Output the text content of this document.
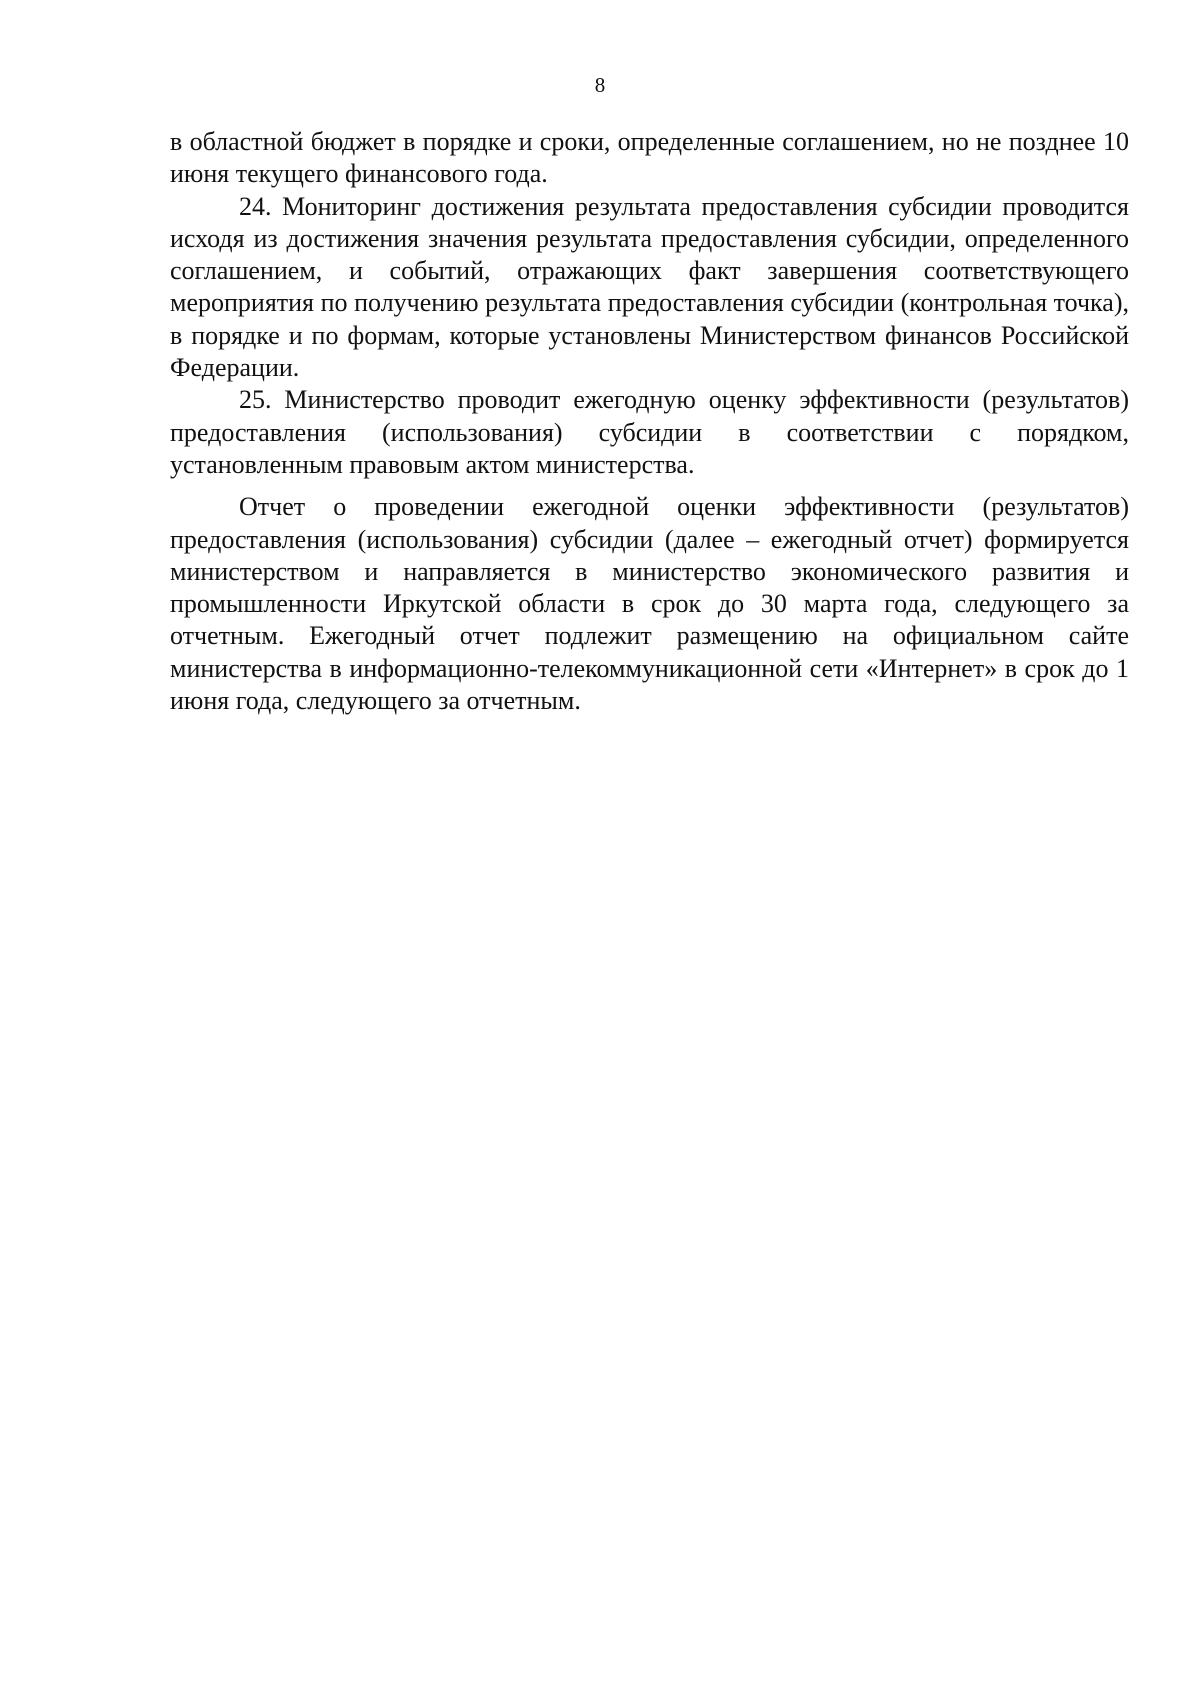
8

в областной бюджет в порядке и сроки, определенные соглашением, но не позднее 10 июня текущего финансового года.

24. Мониторинг достижения результата предоставления субсидии проводится исходя из достижения значения результата предоставления субсидии, определенного соглашением, и событий, отражающих факт завершения соответствующего мероприятия по получению результата предоставления субсидии (контрольная точка), в порядке и по формам, которые установлены Министерством финансов Российской Федерации.

25. Министерство проводит ежегодную оценку эффективности (результатов) предоставления (использования) субсидии в соответствии с порядком, установленным правовым актом министерства.

Отчет о проведении ежегодной оценки эффективности (результатов) предоставления (использования) субсидии (далее – ежегодный отчет) формируется министерством и направляется в министерство экономического развития и промышленности Иркутской области в срок до 30 марта года, следующего за отчетным. Ежегодный отчет подлежит размещению на официальном сайте министерства в информационно-телекоммуникационной сети «Интернет» в срок до 1 июня года, следующего за отчетным.
